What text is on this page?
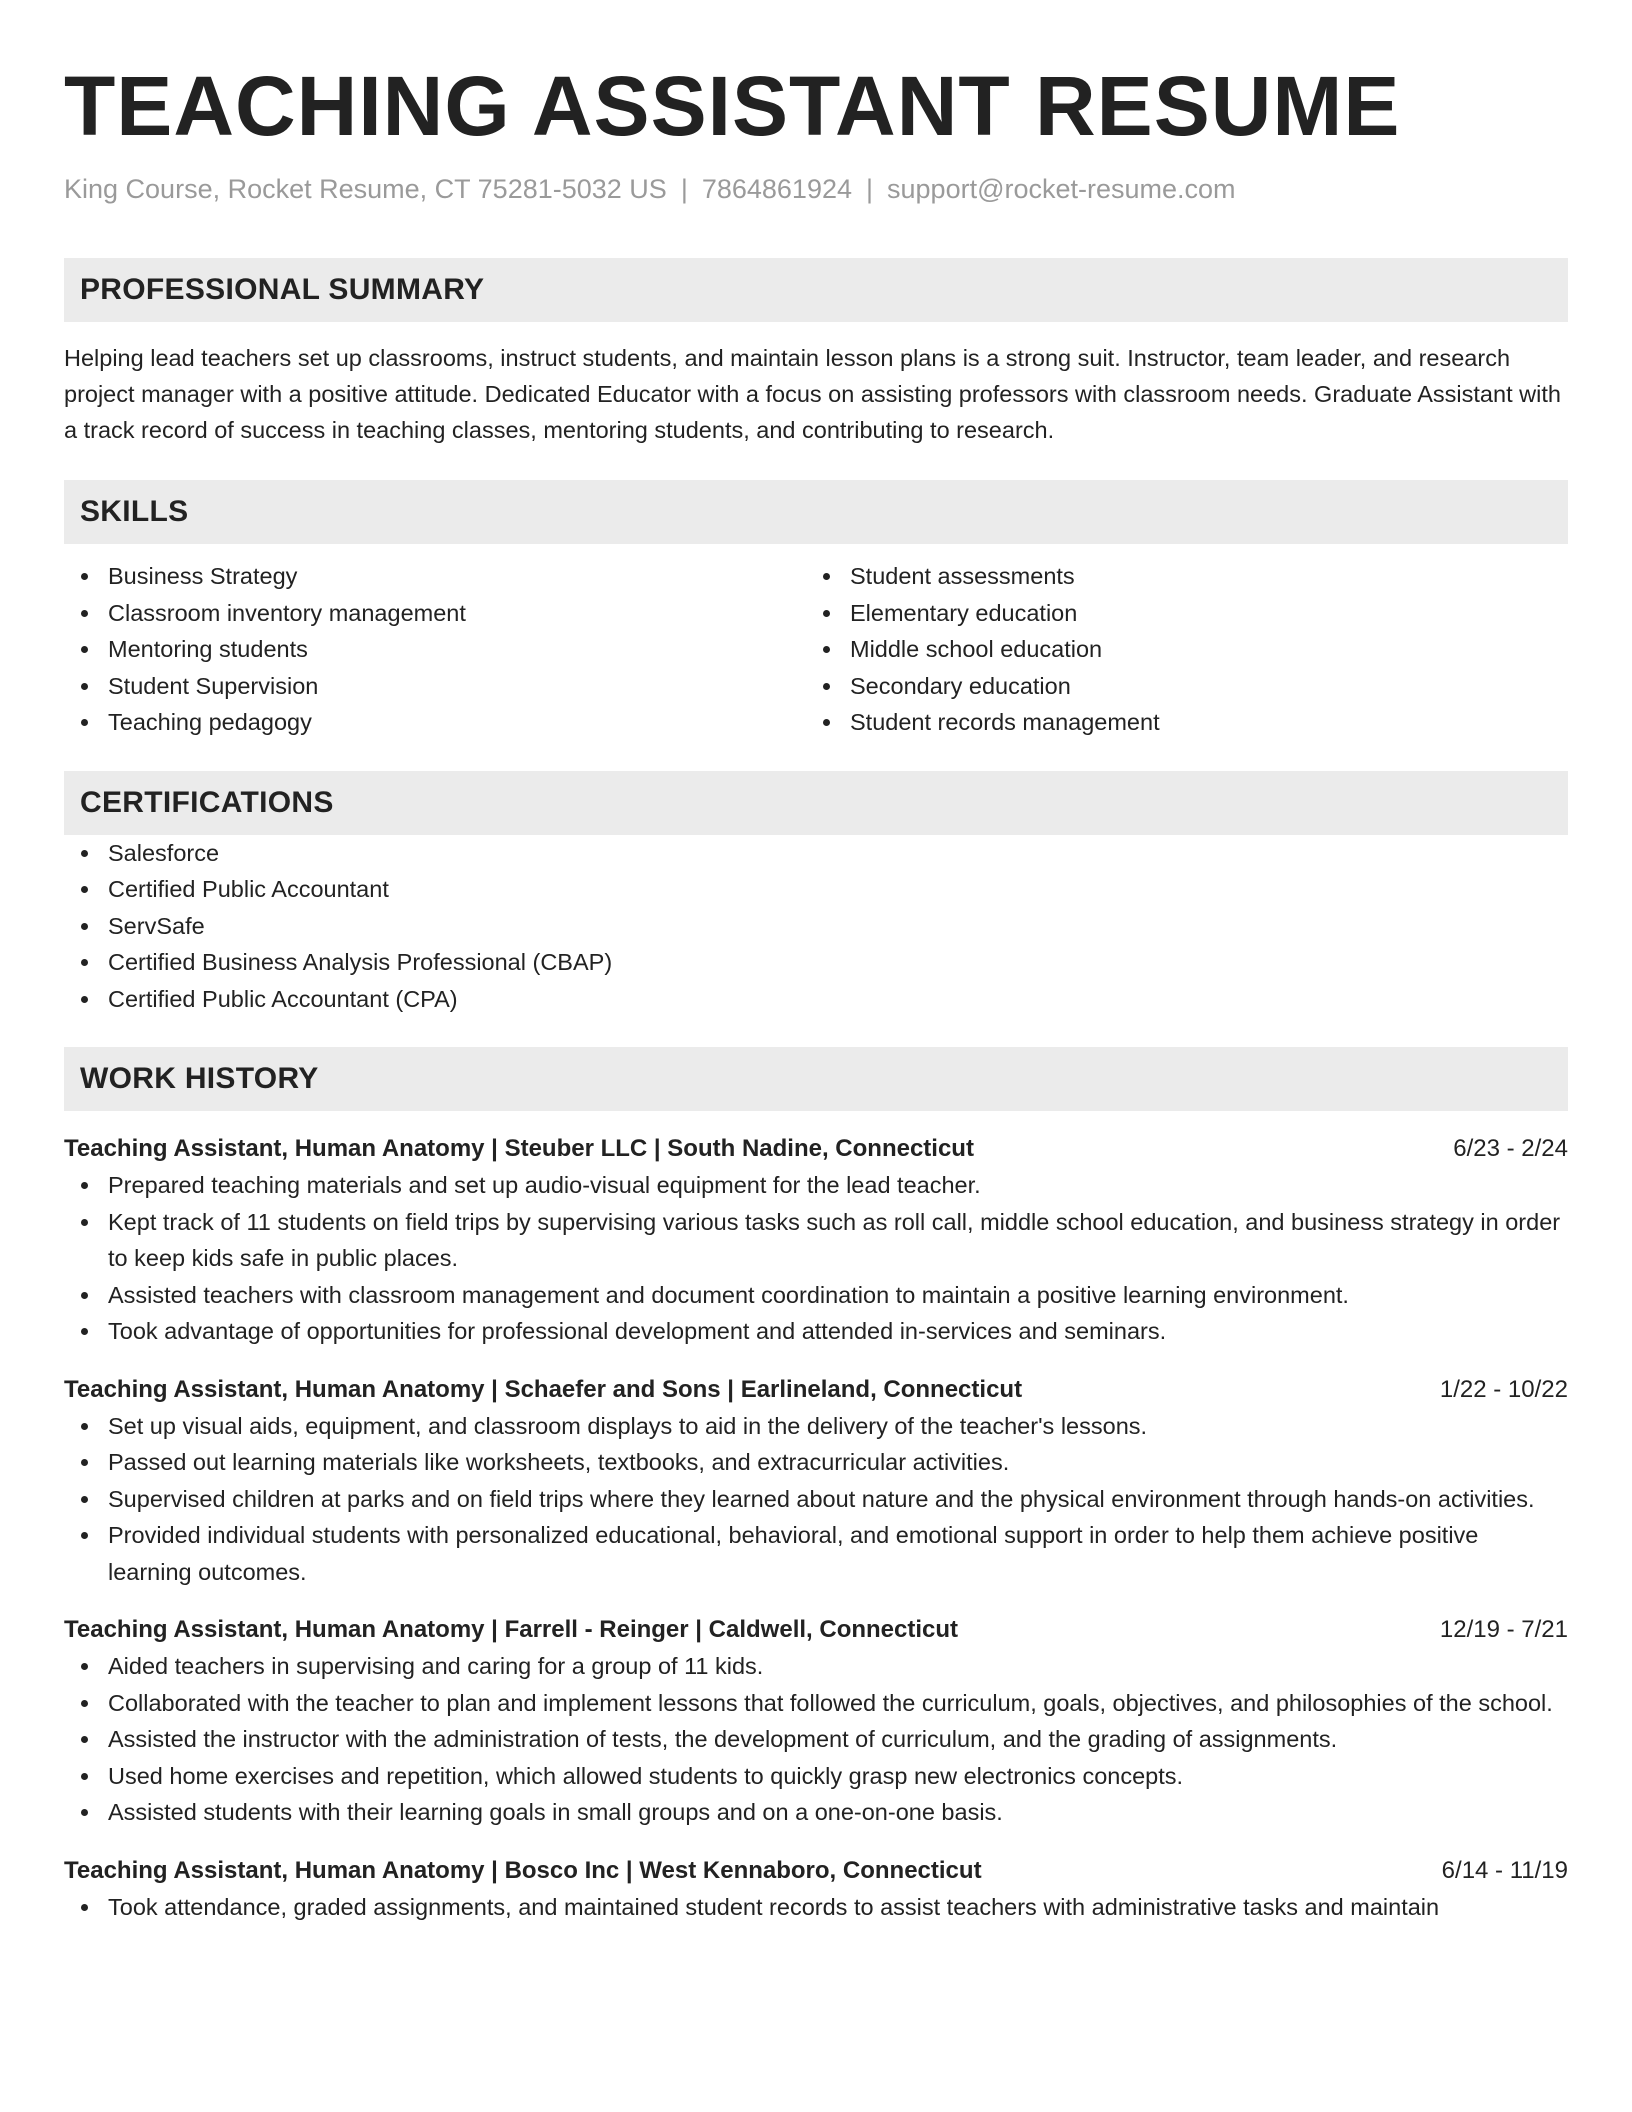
TEACHING ASSISTANT RESUME
King Course, Rocket Resume, CT 75281-5032 US | 7864861924 | support@rocket-resume.com
PROFESSIONAL SUMMARY
Helping lead teachers set up classrooms, instruct students, and maintain lesson plans is a strong suit. Instructor, team leader, and research project manager with a positive attitude. Dedicated Educator with a focus on assisting professors with classroom needs. Graduate Assistant with a track record of success in teaching classes, mentoring students, and contributing to research.
SKILLS
Business Strategy
Classroom inventory management
Mentoring students
Student Supervision
Teaching pedagogy
Student assessments
Elementary education
Middle school education
Secondary education
Student records management
CERTIFICATIONS
Salesforce
Certified Public Accountant
ServSafe
Certified Business Analysis Professional (CBAP)
Certified Public Accountant (CPA)
WORK HISTORY
Teaching Assistant, Human Anatomy | Steuber LLC | South Nadine, Connecticut	6/23 - 2/24
Prepared teaching materials and set up audio-visual equipment for the lead teacher.
Kept track of 11 students on field trips by supervising various tasks such as roll call, middle school education, and business strategy in order to keep kids safe in public places.
Assisted teachers with classroom management and document coordination to maintain a positive learning environment.
Took advantage of opportunities for professional development and attended in-services and seminars.
Teaching Assistant, Human Anatomy | Schaefer and Sons | Earlineland, Connecticut	1/22 - 10/22
Set up visual aids, equipment, and classroom displays to aid in the delivery of the teacher's lessons.
Passed out learning materials like worksheets, textbooks, and extracurricular activities.
Supervised children at parks and on field trips where they learned about nature and the physical environment through hands-on activities.
Provided individual students with personalized educational, behavioral, and emotional support in order to help them achieve positive learning outcomes.
Teaching Assistant, Human Anatomy | Farrell - Reinger | Caldwell, Connecticut	12/19 - 7/21
Aided teachers in supervising and caring for a group of 11 kids.
Collaborated with the teacher to plan and implement lessons that followed the curriculum, goals, objectives, and philosophies of the school.
Assisted the instructor with the administration of tests, the development of curriculum, and the grading of assignments.
Used home exercises and repetition, which allowed students to quickly grasp new electronics concepts.
Assisted students with their learning goals in small groups and on a one-on-one basis.
Teaching Assistant, Human Anatomy | Bosco Inc | West Kennaboro, Connecticut	6/14 - 11/19
Took attendance, graded assignments, and maintained student records to assist teachers with administrative tasks and maintain
